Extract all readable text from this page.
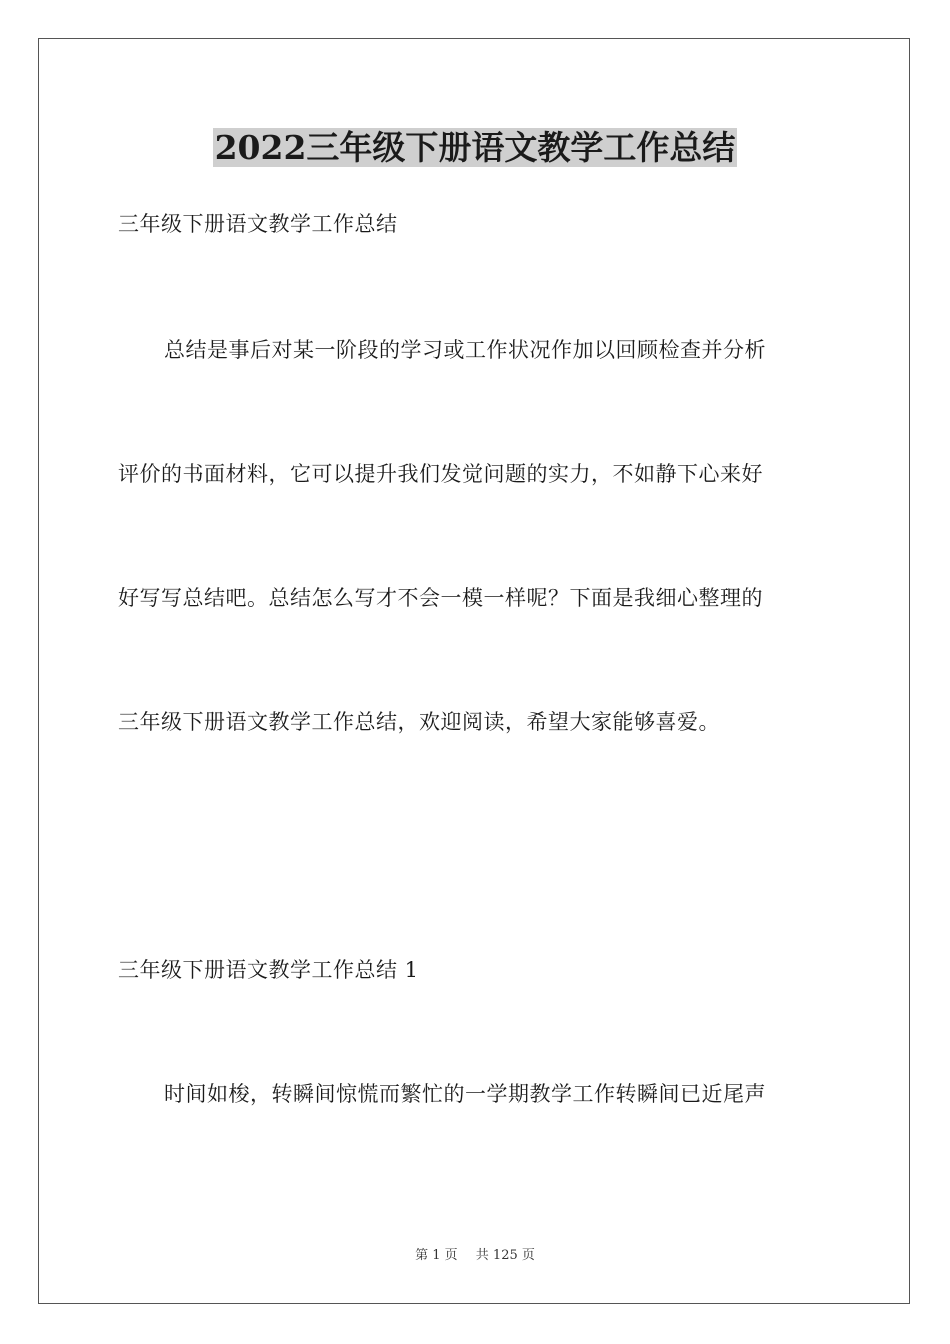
2022三年级下册语文教学工作总结
三年级下册语文教学工作总结
总结是事后对某一阶段的学习或工作状况作加以回顾检查并分析
评价的书面材料，它可以提升我们发觉问题的实力，不如静下心来好
好写写总结吧。总结怎么写才不会一模一样呢？下面是我细心整理的
三年级下册语文教学工作总结，欢迎阅读，希望大家能够喜爱。
三年级下册语文教学工作总结 1
时间如梭，转瞬间惊慌而繁忙的一学期教学工作转瞬间已近尾声
第 1 页 共 125 页
